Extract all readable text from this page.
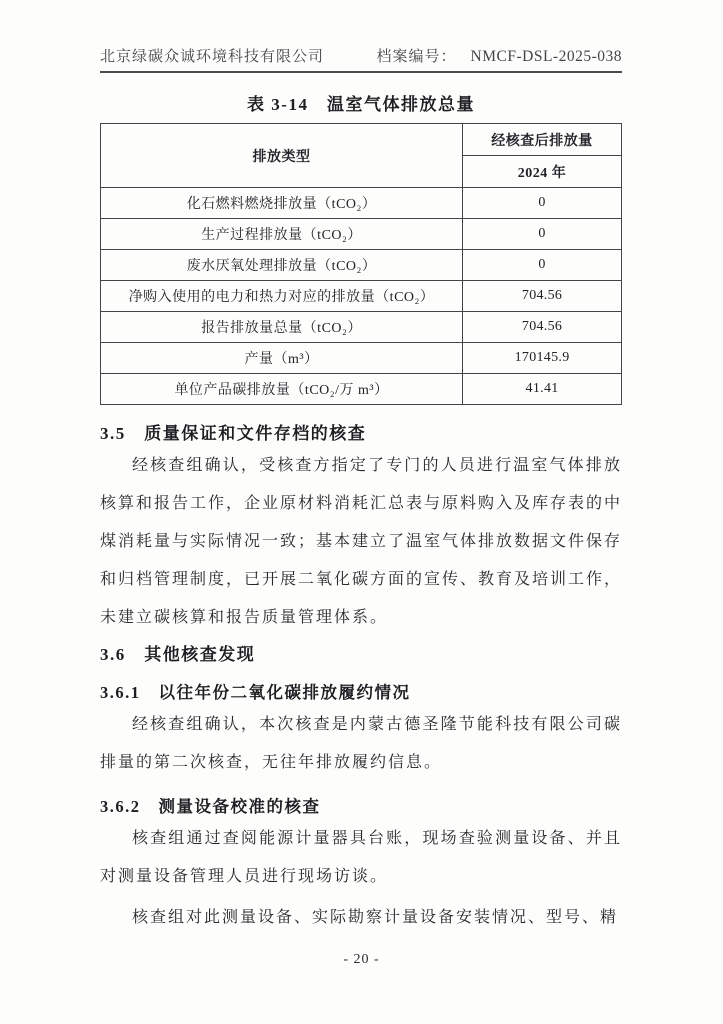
北京绿碳众诚环境科技有限公司	档案编号： NMCF-DSL-2025-038
表 3-14　温室气体排放总量
排放类型	经核查后排放量
	2024 年
化石燃料燃烧排放量（tCO₂）	0
生产过程排放量（tCO₂）	0
废水厌氧处理排放量（tCO₂）	0
净购入使用的电力和热力对应的排放量（tCO₂）	704.56
报告排放量总量（tCO₂）	704.56
产量（m³）	170145.9
单位产品碳排放量（tCO₂/万 m³）	41.41
3.5　质量保证和文件存档的核查

经核查组确认，受核查方指定了专门的人员进行温室气体排放核算和报告工作，企业原材料消耗汇总表与原料购入及库存表的中煤消耗量与实际情况一致；基本建立了温室气体排放数据文件保存和归档管理制度，已开展二氧化碳方面的宣传、教育及培训工作，未建立碳核算和报告质量管理体系。

3.6　其他核查发现
3.6.1　以往年份二氧化碳排放履约情况

经核查组确认，本次核查是内蒙古德圣隆节能科技有限公司碳排量的第二次核查，无往年排放履约信息。

3.6.2　测量设备校准的核查

核查组通过查阅能源计量器具台账，现场查验测量设备、并且对测量设备管理人员进行现场访谈。

核查组对此测量设备、实际勘察计量设备安装情况、型号、精

- 20 -
